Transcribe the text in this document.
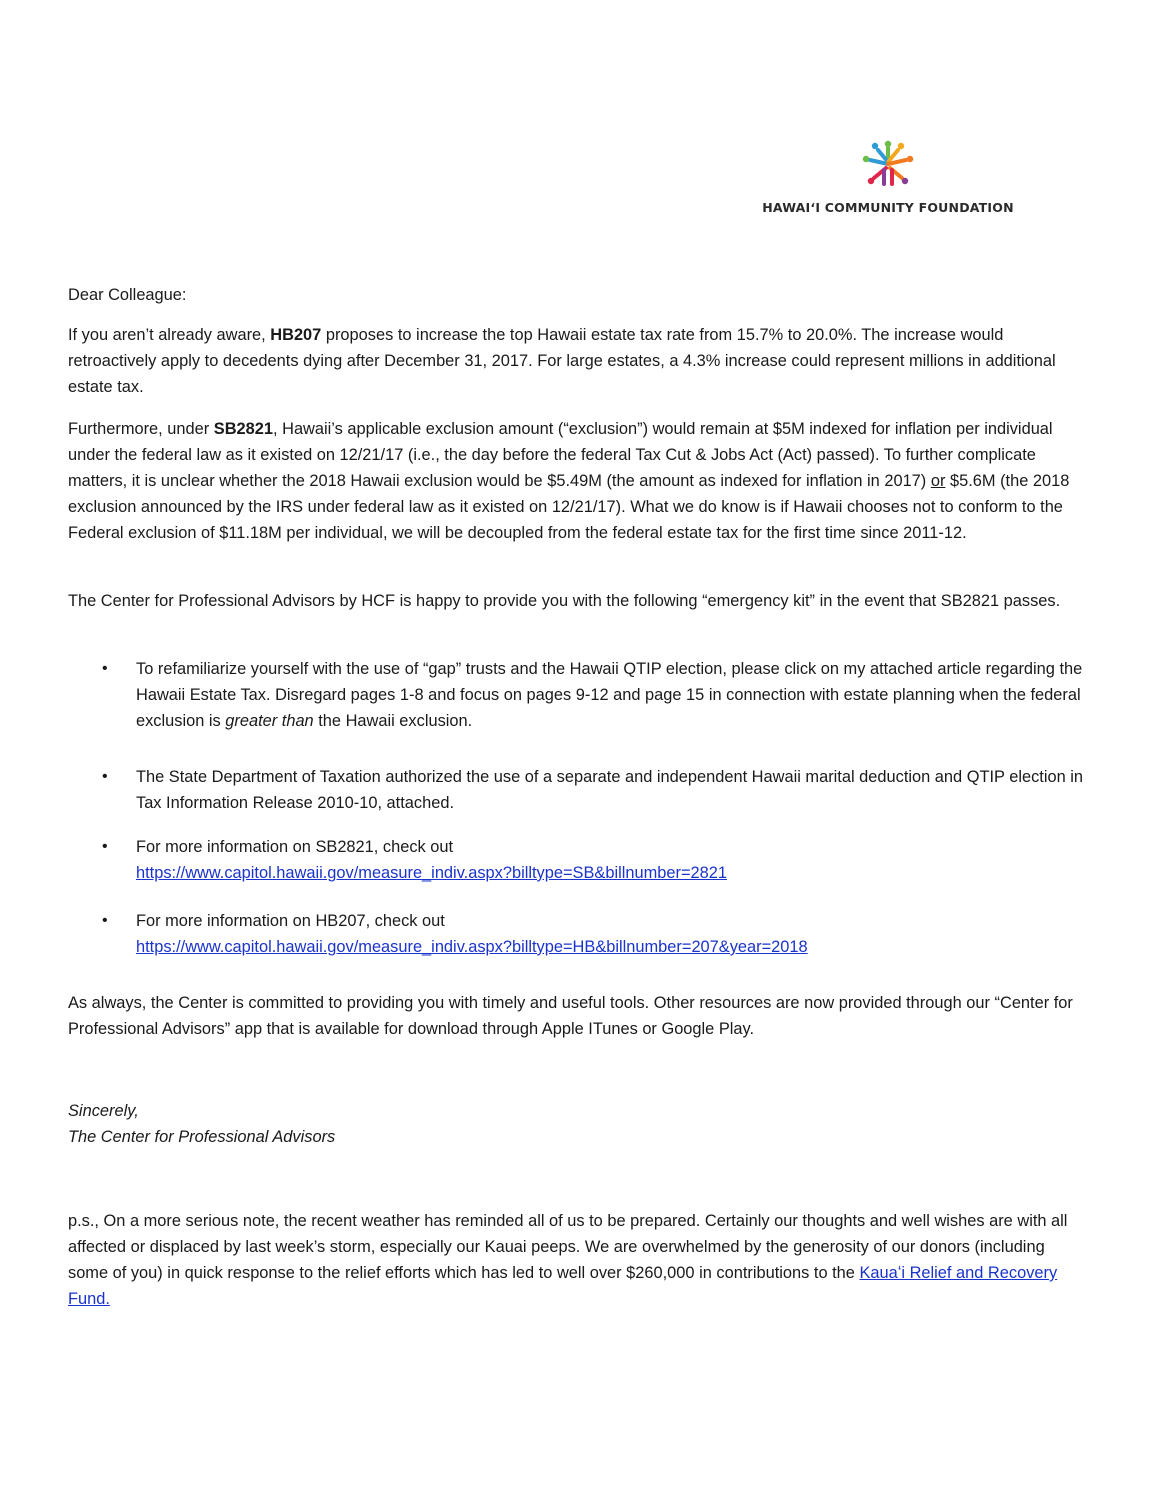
HAWAIʻI COMMUNITY FOUNDATION

Dear Colleague:

If you aren’t already aware, HB207 proposes to increase the top Hawaii estate tax rate from 15.7% to 20.0%. The increase would retroactively apply to decedents dying after December 31, 2017. For large estates, a 4.3% increase could represent millions in additional estate tax.

Furthermore, under SB2821, Hawaii’s applicable exclusion amount (“exclusion”) would remain at $5M indexed for inflation per individual under the federal law as it existed on 12/21/17 (i.e., the day before the federal Tax Cut & Jobs Act (Act) passed). To further complicate matters, it is unclear whether the 2018 Hawaii exclusion would be $5.49M (the amount as indexed for inflation in 2017) or $5.6M (the 2018 exclusion announced by the IRS under federal law as it existed on 12/21/17). What we do know is if Hawaii chooses not to conform to the Federal exclusion of $11.18M per individual, we will be decoupled from the federal estate tax for the first time since 2011-12.

The Center for Professional Advisors by HCF is happy to provide you with the following “emergency kit” in the event that SB2821 passes.

• To refamiliarize yourself with the use of “gap” trusts and the Hawaii QTIP election, please click on my attached article regarding the Hawaii Estate Tax. Disregard pages 1-8 and focus on pages 9-12 and page 15 in connection with estate planning when the federal exclusion is greater than the Hawaii exclusion.
• The State Department of Taxation authorized the use of a separate and independent Hawaii marital deduction and QTIP election in Tax Information Release 2010-10, attached.
• For more information on SB2821, check out
https://www.capitol.hawaii.gov/measure_indiv.aspx?billtype=SB&billnumber=2821
• For more information on HB207, check out
https://www.capitol.hawaii.gov/measure_indiv.aspx?billtype=HB&billnumber=207&year=2018

As always, the Center is committed to providing you with timely and useful tools. Other resources are now provided through our “Center for Professional Advisors” app that is available for download through Apple ITunes or Google Play.

Sincerely,
The Center for Professional Advisors

p.s., On a more serious note, the recent weather has reminded all of us to be prepared. Certainly our thoughts and well wishes are with all affected or displaced by last week’s storm, especially our Kauai peeps. We are overwhelmed by the generosity of our donors (including some of you) in quick response to the relief efforts which has led to well over $260,000 in contributions to the Kauaʻi Relief and Recovery Fund.
